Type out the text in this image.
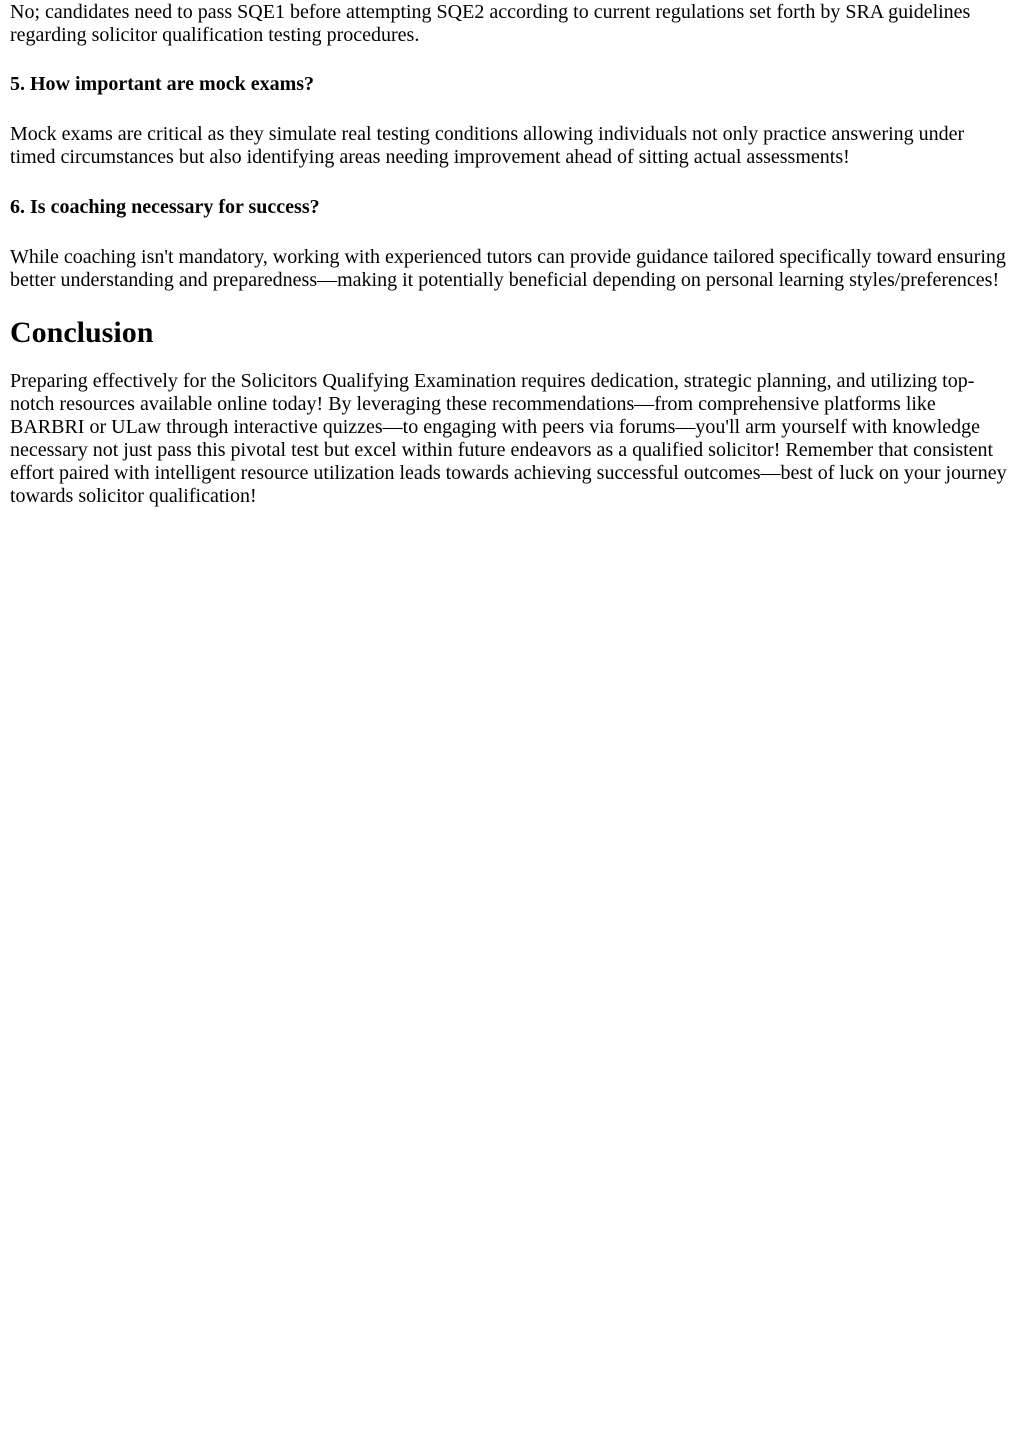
No; candidates need to pass SQE1 before attempting SQE2 according to current regulations set forth by SRA guidelines regarding solicitor qualification testing procedures.

5. How important are mock exams?

Mock exams are critical as they simulate real testing conditions allowing individuals not only practice answering under timed circumstances but also identifying areas needing improvement ahead of sitting actual assessments!

6. Is coaching necessary for success?

While coaching isn't mandatory, working with experienced tutors can provide guidance tailored specifically toward ensuring better understanding and preparedness—making it potentially beneficial depending on personal learning styles/preferences!

Conclusion

Preparing effectively for the Solicitors Qualifying Examination requires dedication, strategic planning, and utilizing top-notch resources available online today! By leveraging these recommendations—from comprehensive platforms like BARBRI or ULaw through interactive quizzes—to engaging with peers via forums—you'll arm yourself with knowledge necessary not just pass this pivotal test but excel within future endeavors as a qualified solicitor! Remember that consistent effort paired with intelligent resource utilization leads towards achieving successful outcomes—best of luck on your journey towards solicitor qualification!
